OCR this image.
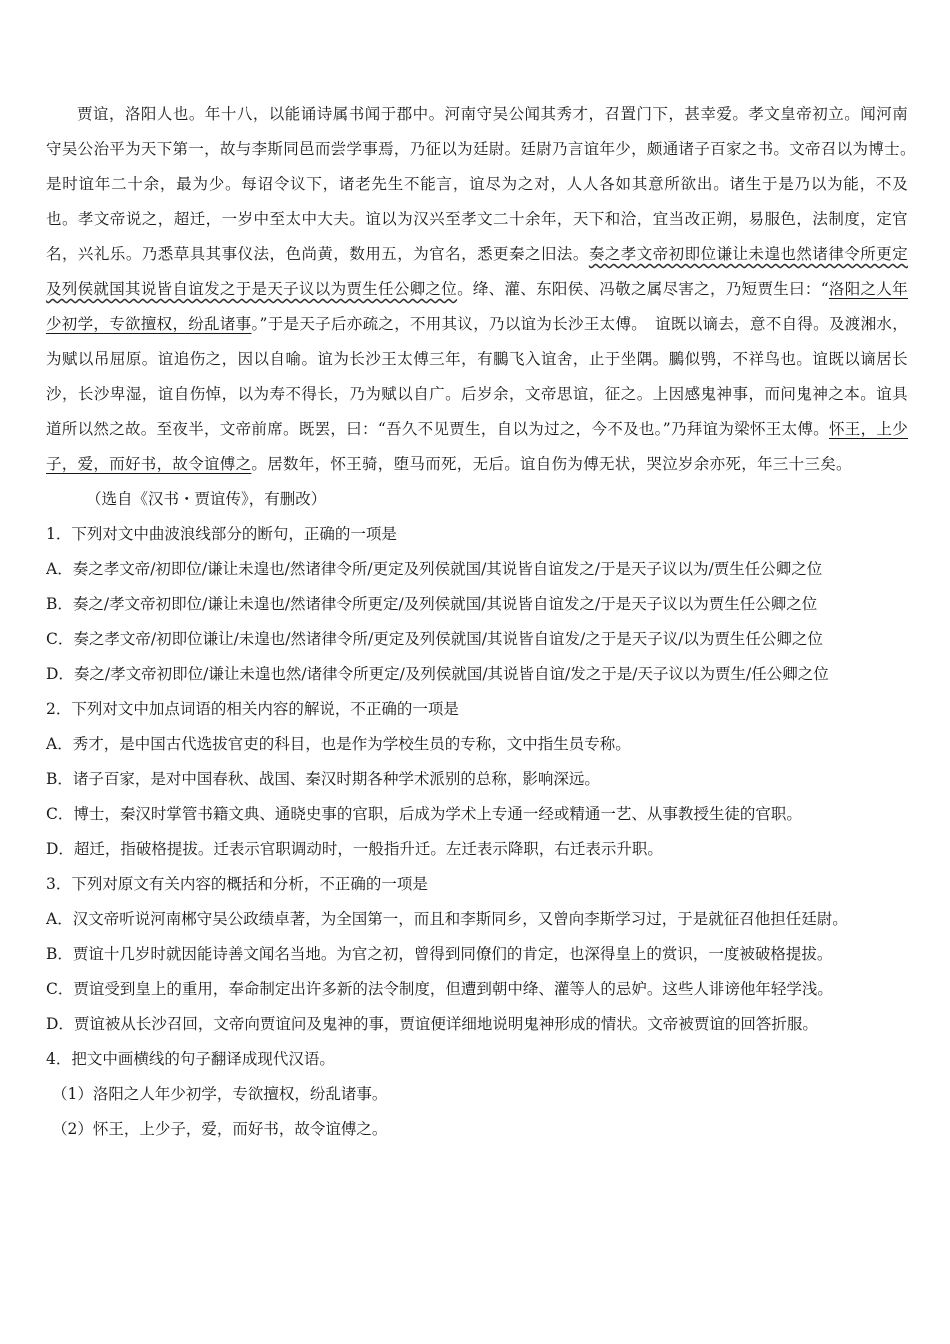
贾谊，洛阳人也。年十八，以能诵诗属书闻于郡中。河南守吴公闻其秀才，召置门下，甚幸爱。孝文皇帝初立。闻河南守吴公治平为天下第一，故与李斯同邑而尝学事焉，乃征以为廷尉。廷尉乃言谊年少，颇通诸子百家之书。文帝召以为博士。　是时谊年二十余，最为少。每诏令议下，诸老先生不能言，谊尽为之对，人人各如其意所欲出。诸生于是乃以为能，不及也。孝文帝说之，超迁，一岁中至太中大夫。谊以为汉兴至孝文二十余年，天下和洽，宜当改正朔，易服色，法制度，定官名，兴礼乐。乃悉草具其事仪法，色尚黄，数用五，为官名，悉更秦之旧法。奏之孝文帝初即位谦让未遑也然诸律令所更定及列侯就国其说皆自谊发之于是天子议以为贾生任公卿之位。绛、灌、东阳侯、冯敬之属尽害之，乃短贾生曰：“洛阳之人年少初学，专欲擅权，纷乱诸事。”于是天子后亦疏之，不用其议，乃以谊为长沙王太傅。　谊既以谪去，意不自得。及渡湘水，为赋以吊屈原。谊追伤之，因以自喻。谊为长沙王太傅三年，有鵩飞入谊舍，止于坐隅。鵩似鸮，不祥鸟也。谊既以谪居长沙，长沙卑湿，谊自伤悼，以为寿不得长，乃为赋以自广。后岁余，文帝思谊，征之。上因感鬼神事，而问鬼神之本。谊具道所以然之故。至夜半，文帝前席。既罢，曰：“吾久不见贾生，自以为过之，今不及也。”乃拜谊为梁怀王太傅。怀王，上少子，爱，而好书，故令谊傅之。居数年，怀王骑，堕马而死，无后。谊自伤为傅无状，哭泣岁余亦死，年三十三矣。

（选自《汉书・贾谊传》，有删改）

1．下列对文中曲波浪线部分的断句，正确的一项是

A．奏之孝文帝/初即位/谦让未遑也/然诸律令所/更定及列侯就国/其说皆自谊发之/于是天子议以为/贾生任公卿之位

B．奏之/孝文帝初即位/谦让未遑也/然诸律令所更定/及列侯就国/其说皆自谊发之/于是天子议以为贾生任公卿之位

C．奏之孝文帝/初即位谦让/未遑也/然诸律令所/更定及列侯就国/其说皆自谊发/之于是天子议/以为贾生任公卿之位

D．奏之/孝文帝初即位/谦让未遑也然/诸律令所更定/及列侯就国/其说皆自谊/发之于是/天子议以为贾生/任公卿之位

2．下列对文中加点词语的相关内容的解说，不正确的一项是

A．秀才，是中国古代选拔官吏的科目，也是作为学校生员的专称，文中指生员专称。

B．诸子百家，是对中国春秋、战国、秦汉时期各种学术派别的总称，影响深远。

C．博士，秦汉时掌管书籍文典、通晓史事的官职，后成为学术上专通一经或精通一艺、从事教授生徒的官职。

D．超迁，指破格提拔。迁表示官职调动时，一般指升迁。左迁表示降职，右迁表示升职。

3．下列对原文有关内容的概括和分析，不正确的一项是

A．汉文帝听说河南郴守吴公政绩卓著，为全国第一，而且和李斯同乡，又曾向李斯学习过，于是就征召他担任廷尉。

B．贾谊十几岁时就因能诗善文闻名当地。为官之初，曾得到同僚们的肯定，也深得皇上的赏识，一度被破格提拔。

C．贾谊受到皇上的重用，奉命制定出许多新的法令制度，但遭到朝中绛、灌等人的忌妒。这些人诽谤他年轻学浅。

D．贾谊被从长沙召回，文帝向贾谊问及鬼神的事，贾谊便详细地说明鬼神形成的情状。文帝被贾谊的回答折服。

4．把文中画横线的句子翻译成现代汉语。

（1）洛阳之人年少初学，专欲擅权，纷乱诸事。

（2）怀王，上少子，爱，而好书，故令谊傅之。
